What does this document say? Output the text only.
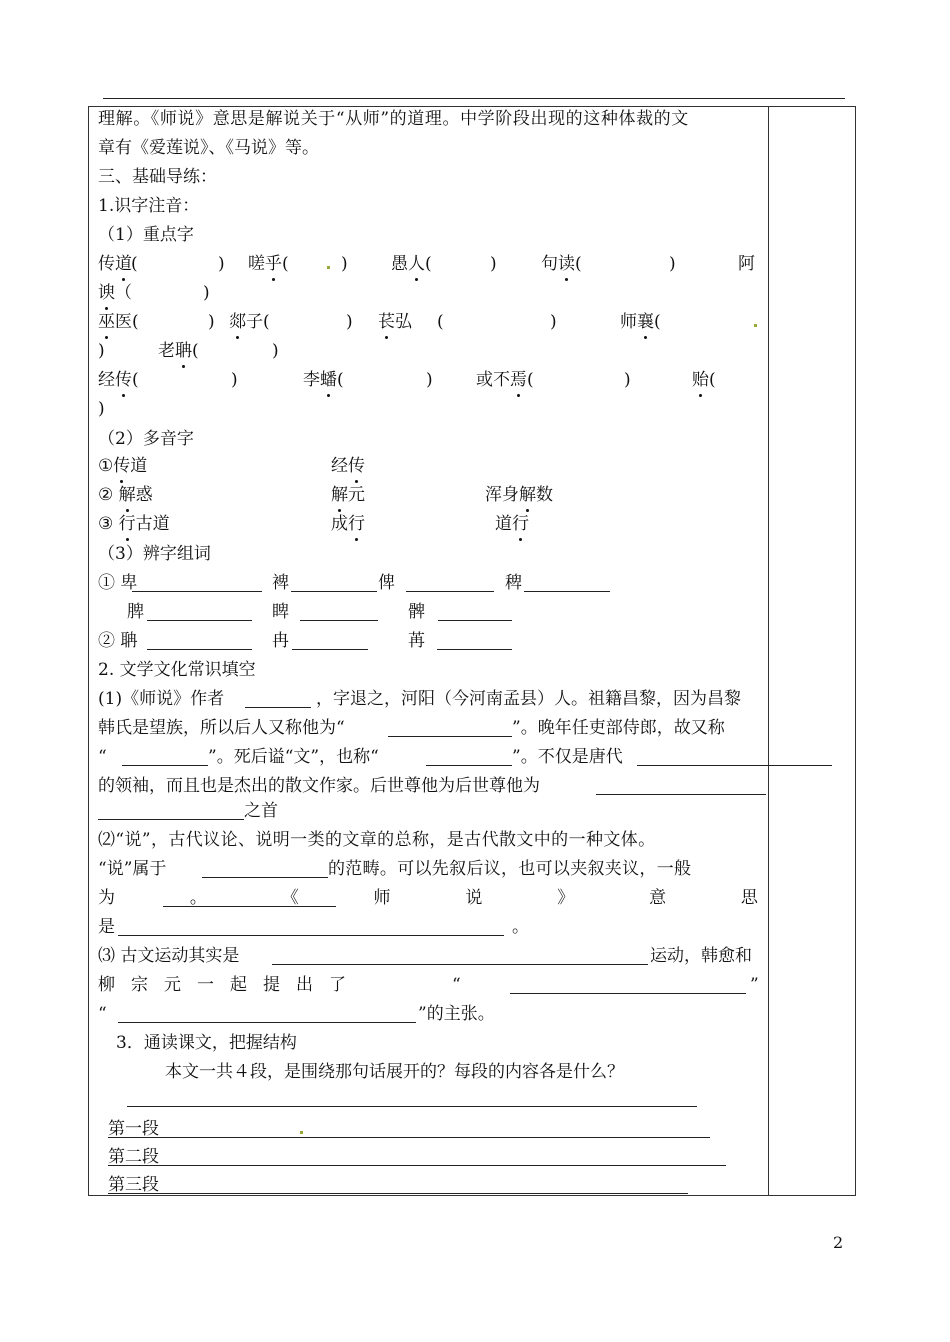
理解。《师说》意思是解说关于“从师”的道理。中学阶段出现的这种体裁的文
章有《爱莲说》、《马说》等。
三、基础导练：
1.识字注音：
（1）重点字
传道 (	) 嗟乎(	)	愚人(	)	句读(	)	阿
谀（	)
巫医(	) 郯子(	) 苌弘 (	)	师襄(
)	老聃(	)
经传(	)	李蟠(	)	或不焉(	)	贻(
)
（2）多音字
①传道	经传
② 解惑	解元	浑身解数
③ 行古道	成行	道行
（3）辨字组词
① 卑	裨	俾	稗
脾	睥	髀
② 聃	冉	苒
2. 文学文化常识填空
(1)《师说》作者	，字退之，河阳（今河南孟县）人。祖籍昌黎，因为昌黎
韩氏是望族，所以后人又称他为“	”。晚年任吏部侍郎，故又称
“	”。死后谥“文”，也称“	”。不仅是唐代
的领袖，而且也是杰出的散文作家。后世尊他为后世尊他为
之首
⑵“说”，古代议论、说明一类的文章的总称，是古代散文中的一种文体。
“说”属于	的范畴。可以先叙后议，也可以夹叙夹议，一般
为	。	《	师	说	》	意	思
是	。
⑶ 古文运动其实是	运动，韩愈和
柳 宗 元 一 起 提 出 了	“	”
“	”的主张。
3．通读课文，把握结构
本文一共４段，是围绕那句话展开的？每段的内容各是什么？
第一段
第二段
第三段
2
